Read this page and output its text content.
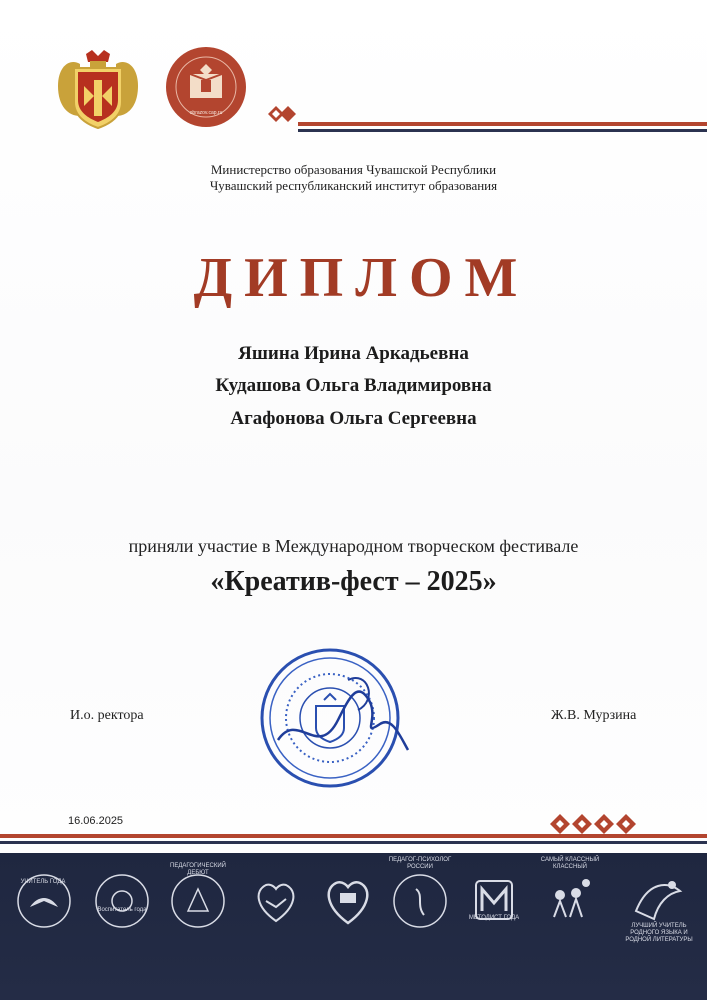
obrazov.cap.ru
Министерство образования Чувашской Республики
Чувашский республиканский институт образования
ДИПЛОМ
Яшина Ирина Аркадьевна
Кудашова Ольга Владимировна
Агафонова Ольга Сергеевна
приняли участие в Международном творческом фестивале
«Креатив-фест – 2025»
И.о. ректора	Ж.В. Мурзина
16.06.2025
УЧИТЕЛЬ ГОДА
Воспитатель года
ПЕДАГОГИЧЕСКИЙ ДЕБЮТ
ПЕДАГОГ-ПСИХОЛОГ РОССИИ
МЕТОДИСТ ГОДА
САМЫЙ КЛАССНЫЙ КЛАССНЫЙ
ЛУЧШИЙ УЧИТЕЛЬ РОДНОГО ЯЗЫКА И РОДНОЙ ЛИТЕРАТУРЫ
